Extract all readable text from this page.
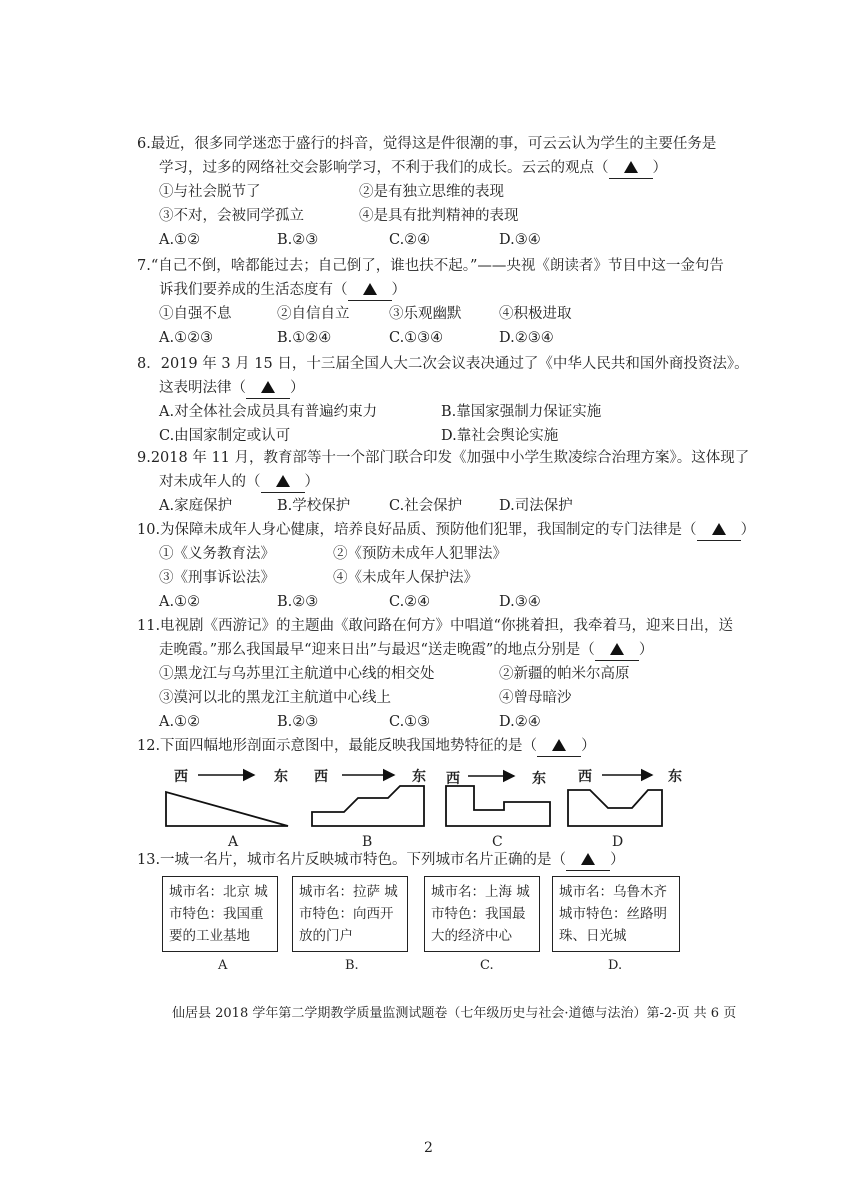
6.最近，很多同学迷恋于盛行的抖音，觉得这是件很潮的事，可云云认为学生的主要任务是
学习，过多的网络社交会影响学习，不利于我们的成长。云云的观点（	）
①与社会脱节了	②是有独立思维的表现
③不对，会被同学孤立	④是具有批判精神的表现
A.①②	B.②③	C.②④	D.③④
7.“自己不倒，啥都能过去；自己倒了，谁也扶不起。”——央视《朗读者》节目中这一金句告
诉我们要养成的生活态度有（	）
①自强不息	②自信自立	③乐观幽默	④积极进取
A.①②③	B.①②④	C.①③④	D.②③④
8．2019 年 3 月 15 日，十三届全国人大二次会议表决通过了《中华人民共和国外商投资法》。
这表明法律（	）
A.对全体社会成员具有普遍约束力	B.靠国家强制力保证实施
C.由国家制定或认可	D.靠社会舆论实施
9.2018 年 11 月，教育部等十一个部门联合印发《加强中小学生欺凌综合治理方案》。这体现了
对未成年人的（	）
A.家庭保护	B.学校保护	C.社会保护	D.司法保护
10.为保障未成年人身心健康，培养良好品质、预防他们犯罪，我国制定的专门法律是（	）
①《义务教育法》	②《预防未成年人犯罪法》
③《刑事诉讼法》	④《未成年人保护法》
A.①②	B.②③	C.②④	D.③④
11.电视剧《西游记》的主题曲《敢问路在何方》中唱道“你挑着担，我牵着马，迎来日出，送
走晚霞。”那么我国最早“迎来日出”与最迟“送走晚霞”的地点分别是（	）
①黑龙江与乌苏里江主航道中心线的相交处	②新疆的帕米尔高原
③漠河以北的黑龙江主航道中心线上	④曾母暗沙
A.①②	B.②③	C.①③	D.②④
12.下面四幅地形剖面示意图中，最能反映我国地势特征的是（	）
西	东 西	东 西	东 西	东
A	B	C	D
13.一城一名片，城市名片反映城市特色。下列城市名片正确的是（	）
城市名：北京 城市特色：我国重要的工业基地
城市名：拉萨 城市特色：向西开放的门户
城市名：上海 城市特色：我国最大的经济中心
城市名：乌鲁木齐 城市特色：丝路明珠、日光城
A	B.	C.	D.
仙居县 2018 学年第二学期教学质量监测试题卷（七年级历史与社会·道德与法治）第-2-页 共 6 页
2
